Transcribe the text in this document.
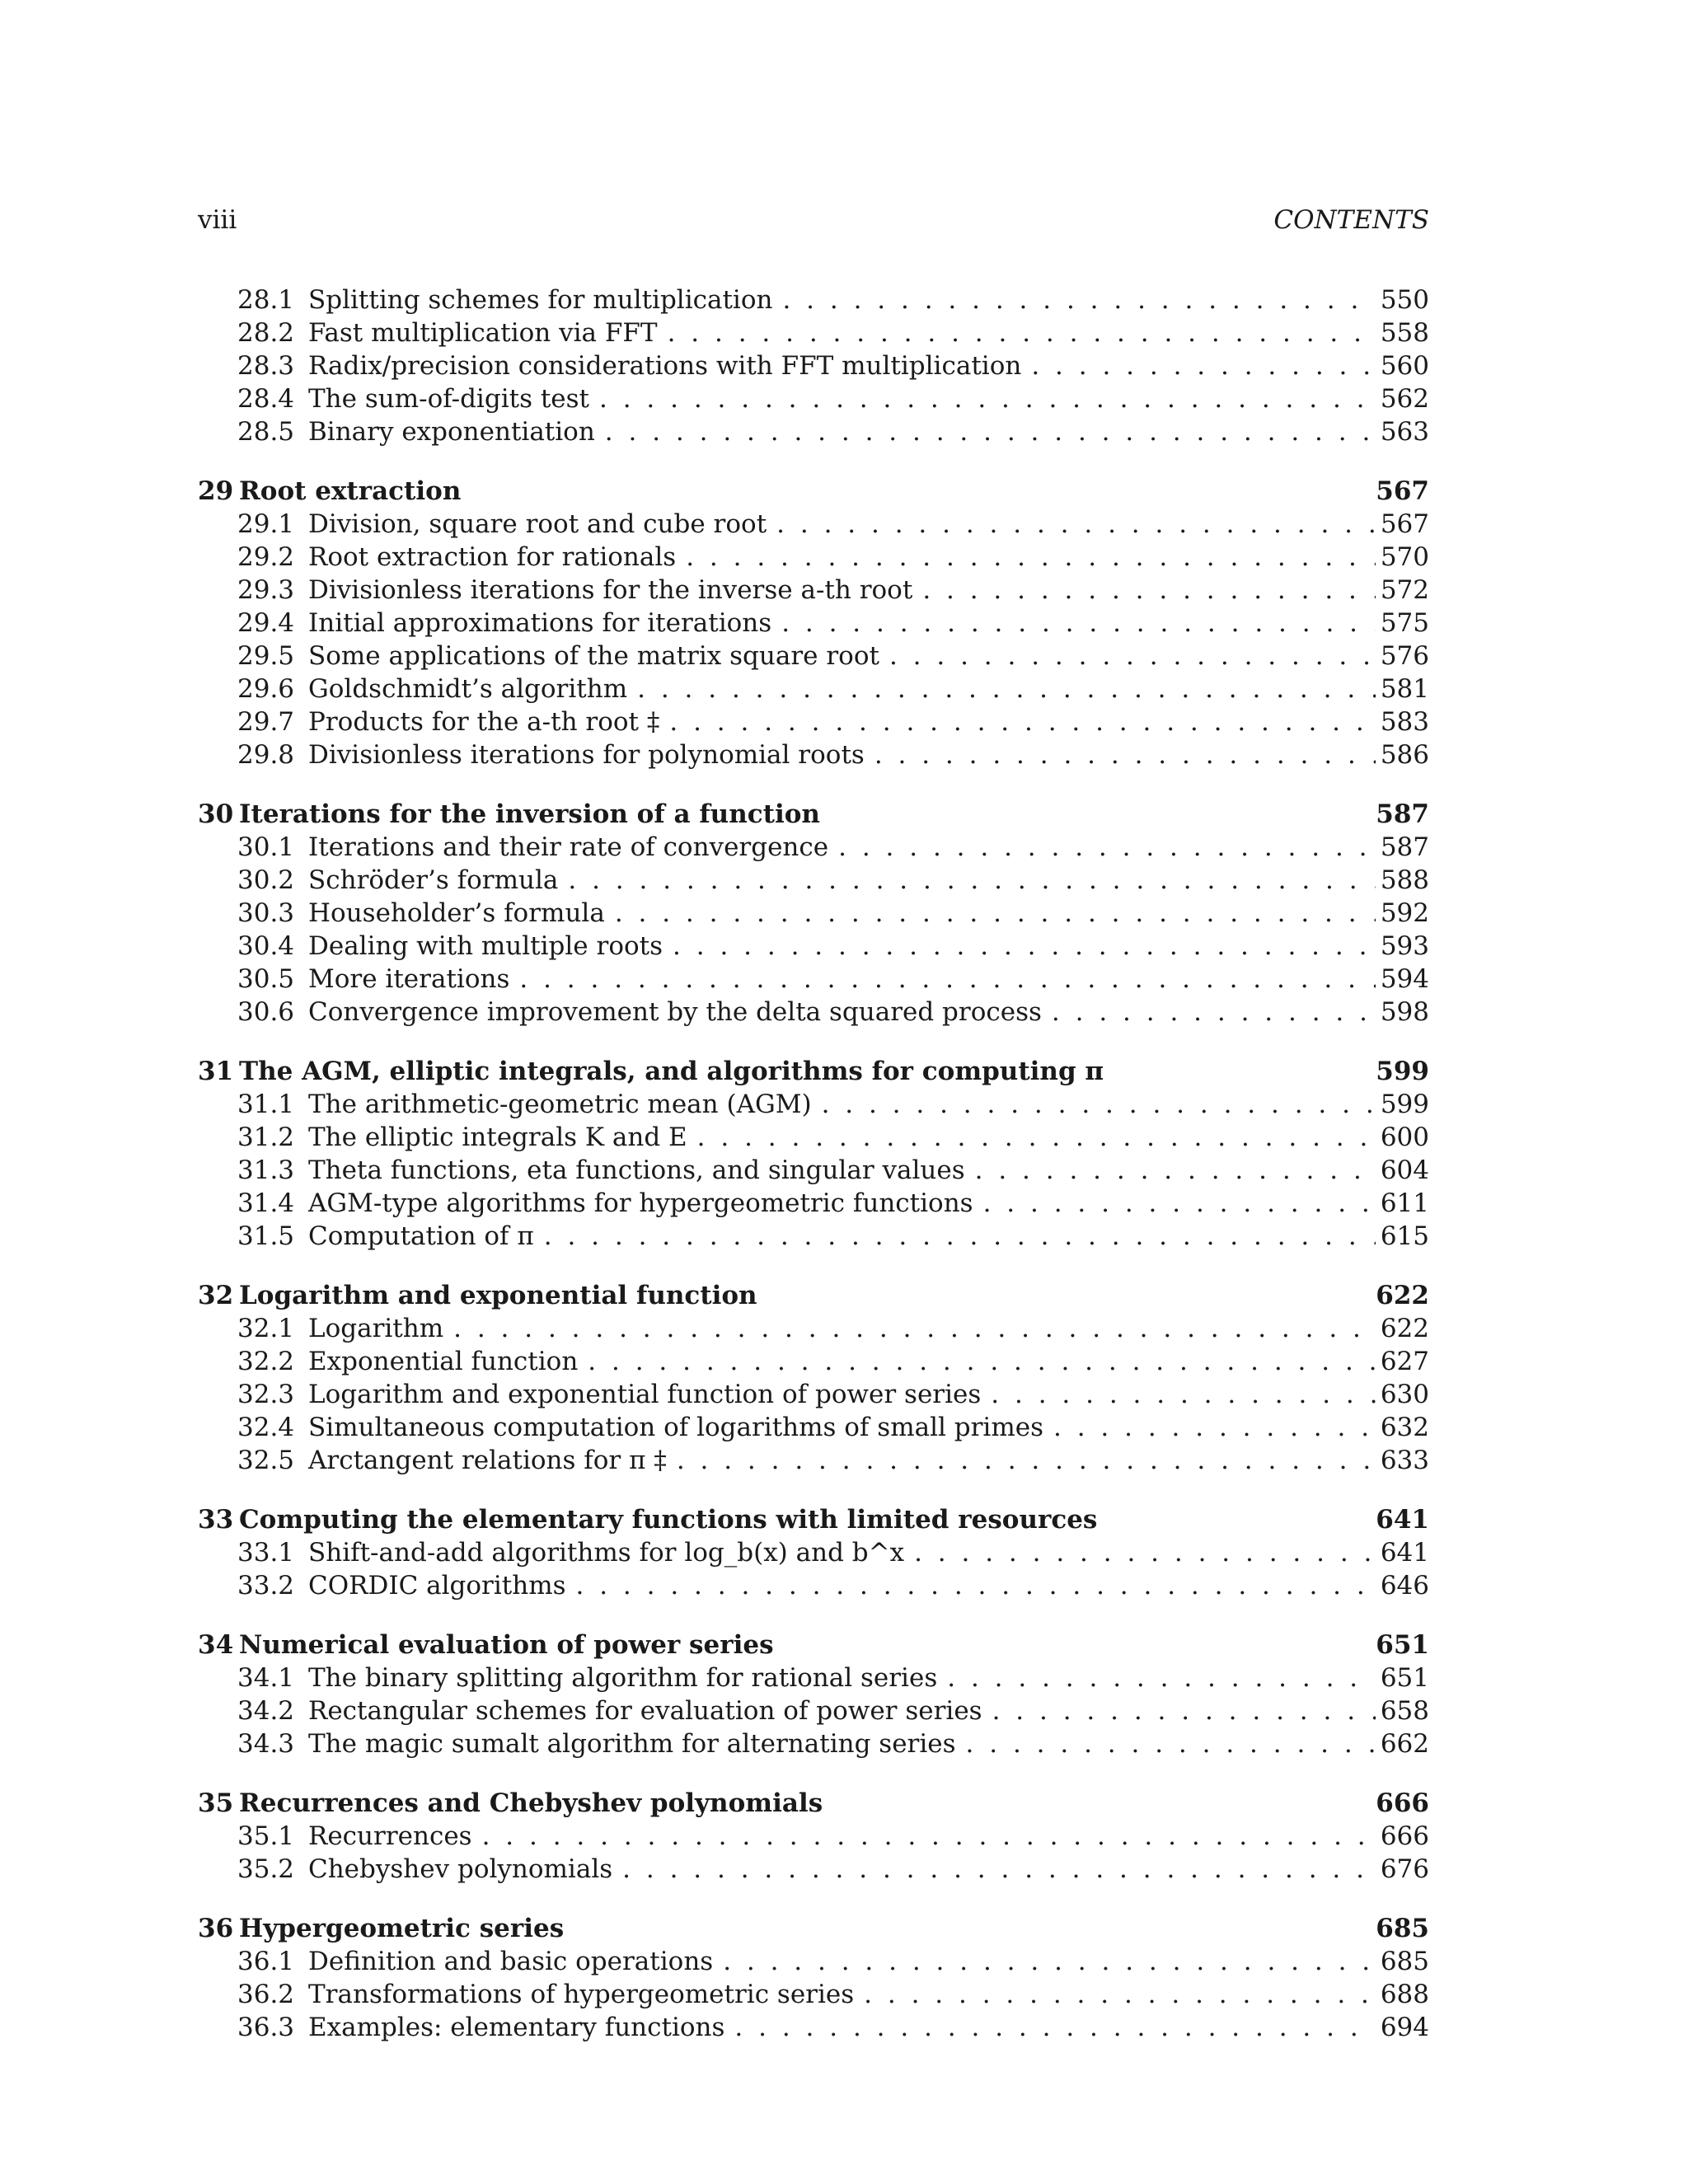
viii	CONTENTS
28.1 Splitting schemes for multiplication . . .	550
28.2 Fast multiplication via FFT . . .	558
28.3 Radix/precision considerations with FFT multiplication . . .	560
28.4 The sum-of-digits test . . .	562
28.5 Binary exponentiation . . .	563
29 Root extraction	567
29.1 Division, square root and cube root . . .	567
29.2 Root extraction for rationals . . .	570
29.3 Divisionless iterations for the inverse a-th root . . .	572
29.4 Initial approximations for iterations . . .	575
29.5 Some applications of the matrix square root . . .	576
29.6 Goldschmidt’s algorithm . . .	581
29.7 Products for the a-th root ‡ . . .	583
29.8 Divisionless iterations for polynomial roots . . .	586
30 Iterations for the inversion of a function	587
30.1 Iterations and their rate of convergence . . .	587
30.2 Schröder’s formula . . .	588
30.3 Householder’s formula . . .	592
30.4 Dealing with multiple roots . . .	593
30.5 More iterations . . .	594
30.6 Convergence improvement by the delta squared process . . .	598
31 The AGM, elliptic integrals, and algorithms for computing π	599
31.1 The arithmetic-geometric mean (AGM) . . .	599
31.2 The elliptic integrals K and E . . .	600
31.3 Theta functions, eta functions, and singular values . . .	604
31.4 AGM-type algorithms for hypergeometric functions . . .	611
31.5 Computation of π . . .	615
32 Logarithm and exponential function	622
32.1 Logarithm . . .	622
32.2 Exponential function . . .	627
32.3 Logarithm and exponential function of power series . . .	630
32.4 Simultaneous computation of logarithms of small primes . . .	632
32.5 Arctangent relations for π ‡ . . .	633
33 Computing the elementary functions with limited resources	641
33.1 Shift-and-add algorithms for log_b(x) and b^x . . .	641
33.2 CORDIC algorithms . . .	646
34 Numerical evaluation of power series	651
34.1 The binary splitting algorithm for rational series . . .	651
34.2 Rectangular schemes for evaluation of power series . . .	658
34.3 The magic sumalt algorithm for alternating series . . .	662
35 Recurrences and Chebyshev polynomials	666
35.1 Recurrences . . .	666
35.2 Chebyshev polynomials . . .	676
36 Hypergeometric series	685
36.1 Definition and basic operations . . .	685
36.2 Transformations of hypergeometric series . . .	688
36.3 Examples: elementary functions . . .	694
